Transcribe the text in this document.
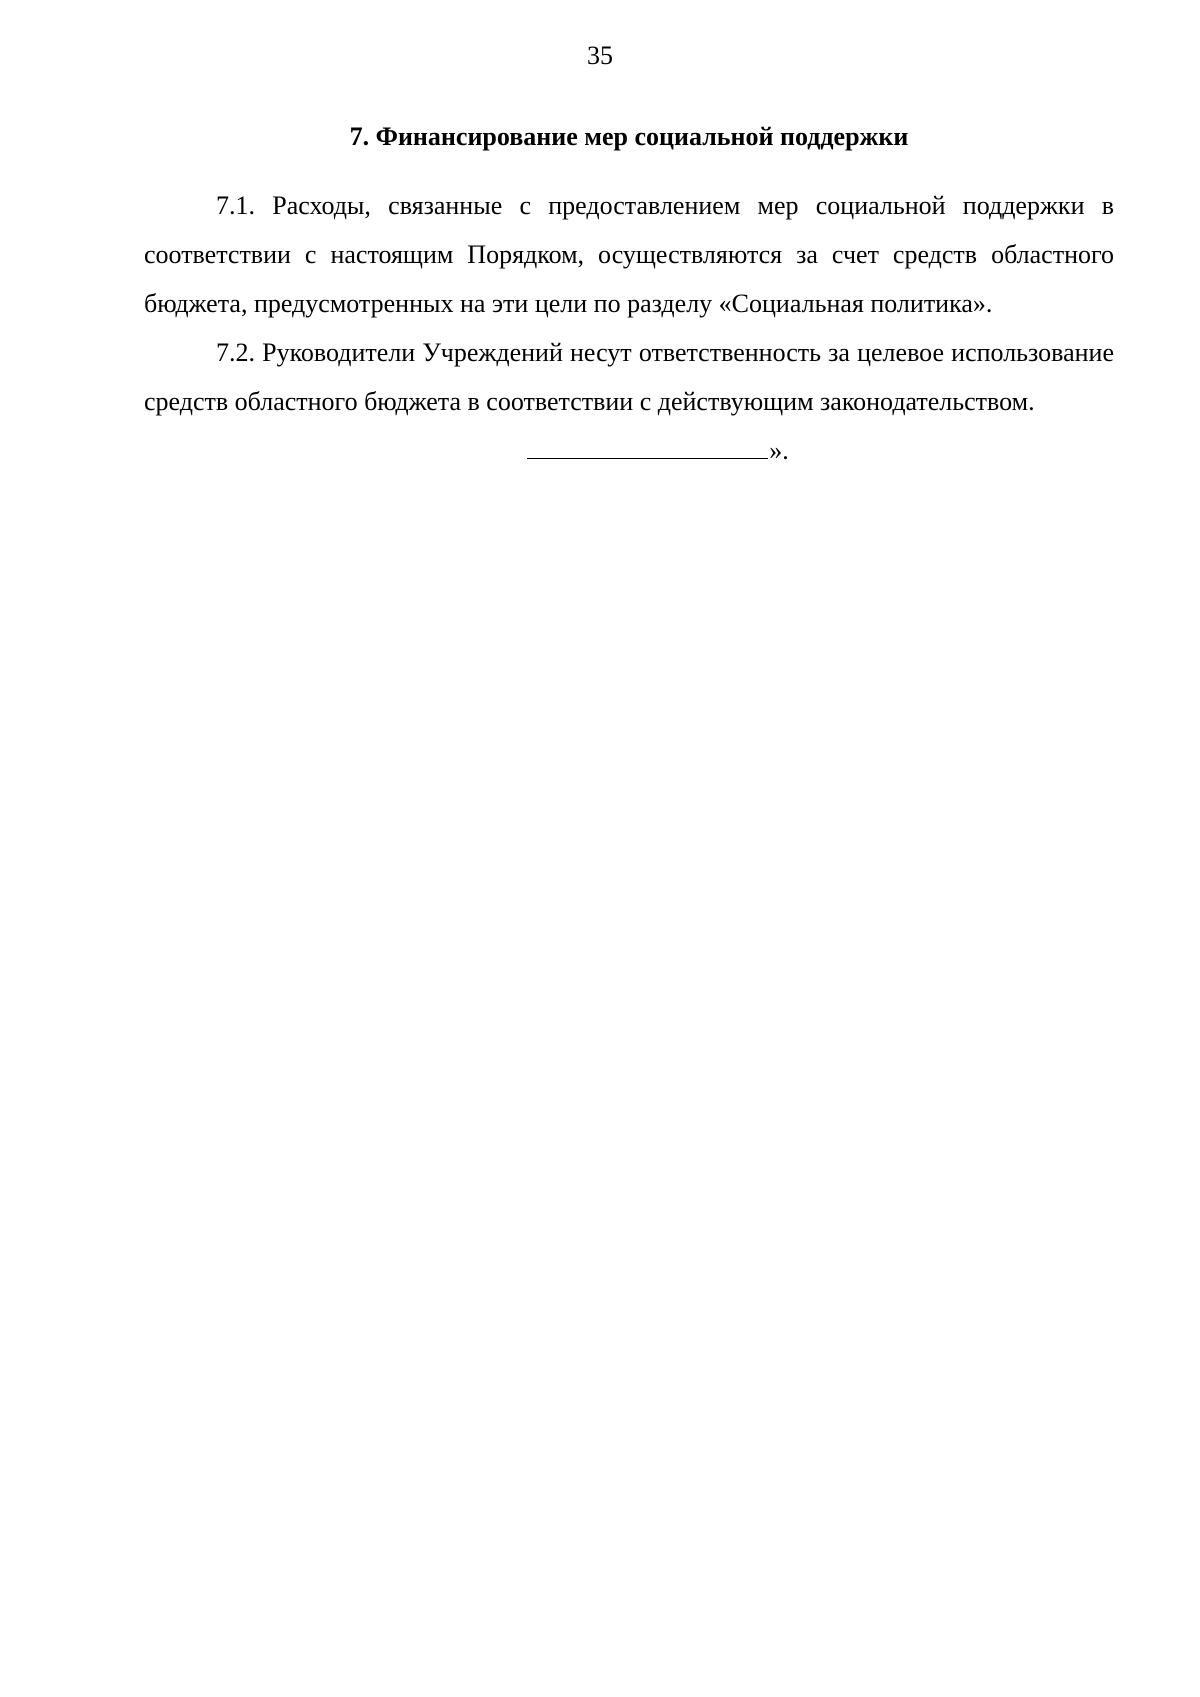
35
7. Финансирование мер социальной поддержки

7.1. Расходы, связанные с предоставлением мер социальной поддержки в соответствии с настоящим Порядком, осуществляются за счет средств областного бюджета, предусмотренных на эти цели по разделу «Социальная политика».

7.2. Руководители Учреждений несут ответственность за целевое использование средств областного бюджета в соответствии с действующим законодательством.

».
